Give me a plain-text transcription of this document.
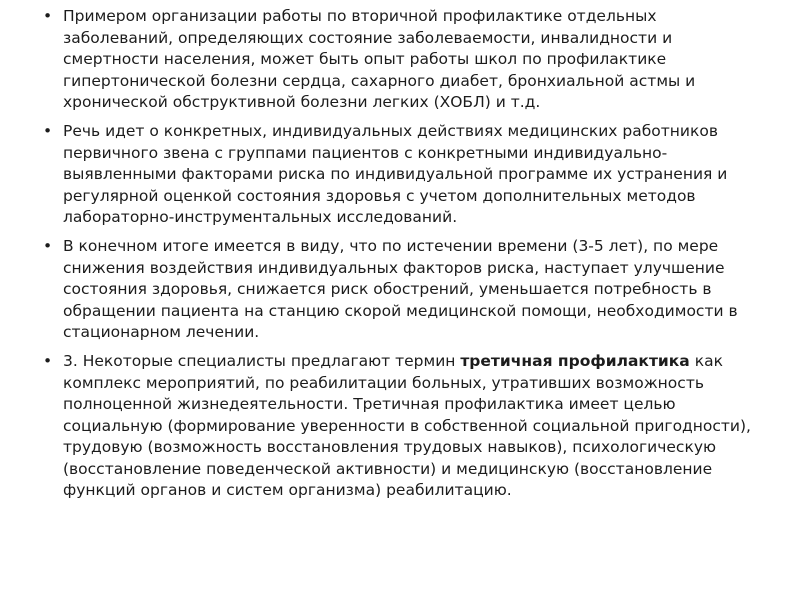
• Примером организации работы по вторичной профилактике отдельных заболеваний, определяющих состояние заболеваемости, инвалидности и смертности населения, может быть опыт работы школ по профилактике гипертонической болезни сердца, сахарного диабет, бронхиальной астмы и хронической обструктивной болезни легких (ХОБЛ) и т.д.
• Речь идет о конкретных, индивидуальных действиях медицинских работников первичного звена с группами пациентов с конкретными индивидуально-выявленными факторами риска по индивидуальной программе их устранения и регулярной оценкой состояния здоровья с учетом дополнительных методов лабораторно-инструментальных исследований.
• В конечном итоге имеется в виду, что по истечении времени (3-5 лет), по мере снижения воздействия индивидуальных факторов риска, наступает улучшение состояния здоровья, снижается риск обострений, уменьшается потребность в обращении пациента на станцию скорой медицинской помощи, необходимости в стационарном лечении.
• 3. Некоторые специалисты предлагают термин третичная профилактика как комплекс мероприятий, по реабилитации больных, утративших возможность полноценной жизнедеятельности. Третичная профилактика имеет целью социальную (формирование уверенности в собственной социальной пригодности), трудовую (возможность восстановления трудовых навыков), психологическую (восстановление поведенческой активности) и медицинскую (восстановление функций органов и систем организма) реабилитацию.
